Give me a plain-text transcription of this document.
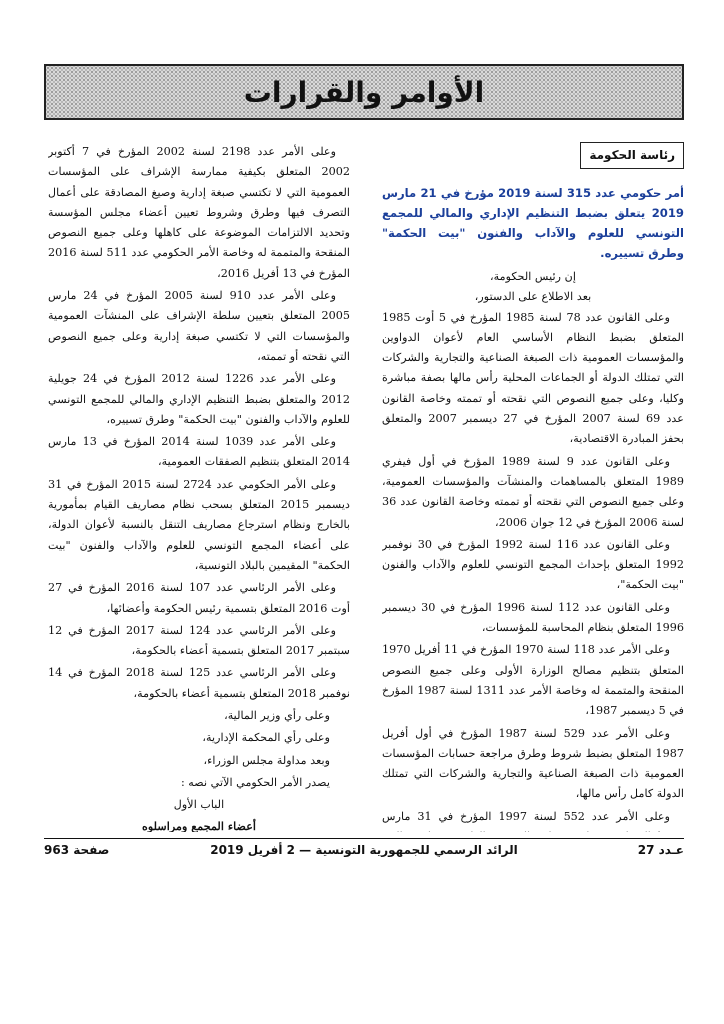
الأوامر والقرارات
رئاسة الحكومة

أمر حكومي عدد 315 لسنة 2019 مؤرخ في 21 مارس 2019 يتعلق بضبط التنظيم الإداري والمالي للمجمع التونسي للعلوم والآداب والفنون "بيت الحكمة" وطرق تسييره.

إن رئيس الحكومة،

بعد الاطلاع على الدستور،

وعلى القانون عدد 78 لسنة 1985 المؤرخ في 5 أوت 1985 المتعلق بضبط النظام الأساسي العام لأعوان الدواوين والمؤسسات العمومية ذات الصبغة الصناعية والتجارية والشركات التي تمتلك الدولة أو الجماعات المحلية رأس مالها بصفة مباشرة وكليا، وعلى جميع النصوص التي نقحته أو تممته وخاصة القانون عدد 69 لسنة 2007 المؤرخ في 27 ديسمبر 2007 والمتعلق بحفز المبادرة الاقتصادية،

وعلى القانون عدد 9 لسنة 1989 المؤرخ في أول فيفري 1989 المتعلق بالمساهمات والمنشآت والمؤسسات العمومية، وعلى جميع النصوص التي نقحته أو تممته وخاصة القانون عدد 36 لسنة 2006 المؤرخ في 12 جوان 2006،

وعلى القانون عدد 116 لسنة 1992 المؤرخ في 30 نوفمبر 1992 المتعلق بإحداث المجمع التونسي للعلوم والآداب والفنون "بيت الحكمة"،

وعلى القانون عدد 112 لسنة 1996 المؤرخ في 30 ديسمبر 1996 المتعلق بنظام المحاسبة للمؤسسات،

وعلى الأمر عدد 118 لسنة 1970 المؤرخ في 11 أفريل 1970 المتعلق بتنظيم مصالح الوزارة الأولى وعلى جميع النصوص المنقحة والمتممة له وخاصة الأمر عدد 1311 لسنة 1987 المؤرخ في 5 ديسمبر 1987،

وعلى الأمر عدد 529 لسنة 1987 المؤرخ في أول أفريل 1987 المتعلق بضبط شروط وطرق مراجعة حسابات المؤسسات العمومية ذات الصبغة الصناعية والتجارية والشركات التي تمتلك الدولة كامل رأس مالها،

وعلى الأمر عدد 552 لسنة 1997 المؤرخ في 31 مارس

وعلى الأمر عدد 2198 لسنة 2002 المؤرخ في 7 أكتوبر 2002 المتعلق بكيفية ممارسة الإشراف على المؤسسات العمومية التي لا تكتسي صبغة إدارية وصيغ المصادقة على أعمال التصرف فيها وطرق وشروط تعيين أعضاء مجلس المؤسسة وتحديد الالتزامات الموضوعة على كاهلها وعلى جميع النصوص المنقحة والمتممة له وخاصة الأمر الحكومي عدد 511 لسنة 2016 المؤرخ في 13 أفريل 2016،

وعلى الأمر عدد 910 لسنة 2005 المؤرخ في 24 مارس 2005 المتعلق بتعيين سلطة الإشراف على المنشآت العمومية والمؤسسات التي لا تكتسي صبغة إدارية وعلى جميع النصوص التي نقحته أو تممته،

وعلى الأمر عدد 1226 لسنة 2012 المؤرخ في 24 جويلية 2012 والمتعلق بضبط التنظيم الإداري والمالي للمجمع التونسي للعلوم والآداب والفنون "بيت الحكمة" وطرق تسييره،

وعلى الأمر عدد 1039 لسنة 2014 المؤرخ في 13 مارس 2014 المتعلق بتنظيم الصفقات العمومية،

وعلى الأمر الحكومي عدد 2724 لسنة 2015 المؤرخ في 31 ديسمبر 2015 المتعلق بسحب نظام مصاريف القيام بمأمورية بالخارج ونظام استرجاع مصاريف التنقل بالنسبة لأعوان الدولة، على أعضاء المجمع التونسي للعلوم والآداب والفنون "بيت الحكمة" المقيمين بالبلاد التونسية،

وعلى الأمر الرئاسي عدد 107 لسنة 2016 المؤرخ في 27 أوت 2016 المتعلق بتسمية رئيس الحكومة وأعضائها،

وعلى الأمر الرئاسي عدد 124 لسنة 2017 المؤرخ في 12 سبتمبر 2017 المتعلق بتسمية أعضاء بالحكومة،

وعلى الأمر الرئاسي عدد 125 لسنة 2018 المؤرخ في 14 نوفمبر 2018 المتعلق بتسمية أعضاء بالحكومة،

وعلى رأي وزير المالية،

وعلى رأي المحكمة الإدارية،

وبعد مداولة مجلس الوزراء،

يصدر الأمر الحكومي الآتي نصه :

الباب الأول

أعضاء المجمع ومراسلوه

عـدد 27
الرائد الرسمي للجمهورية التونسية — 2 أفريل 2019
صفحة 963
